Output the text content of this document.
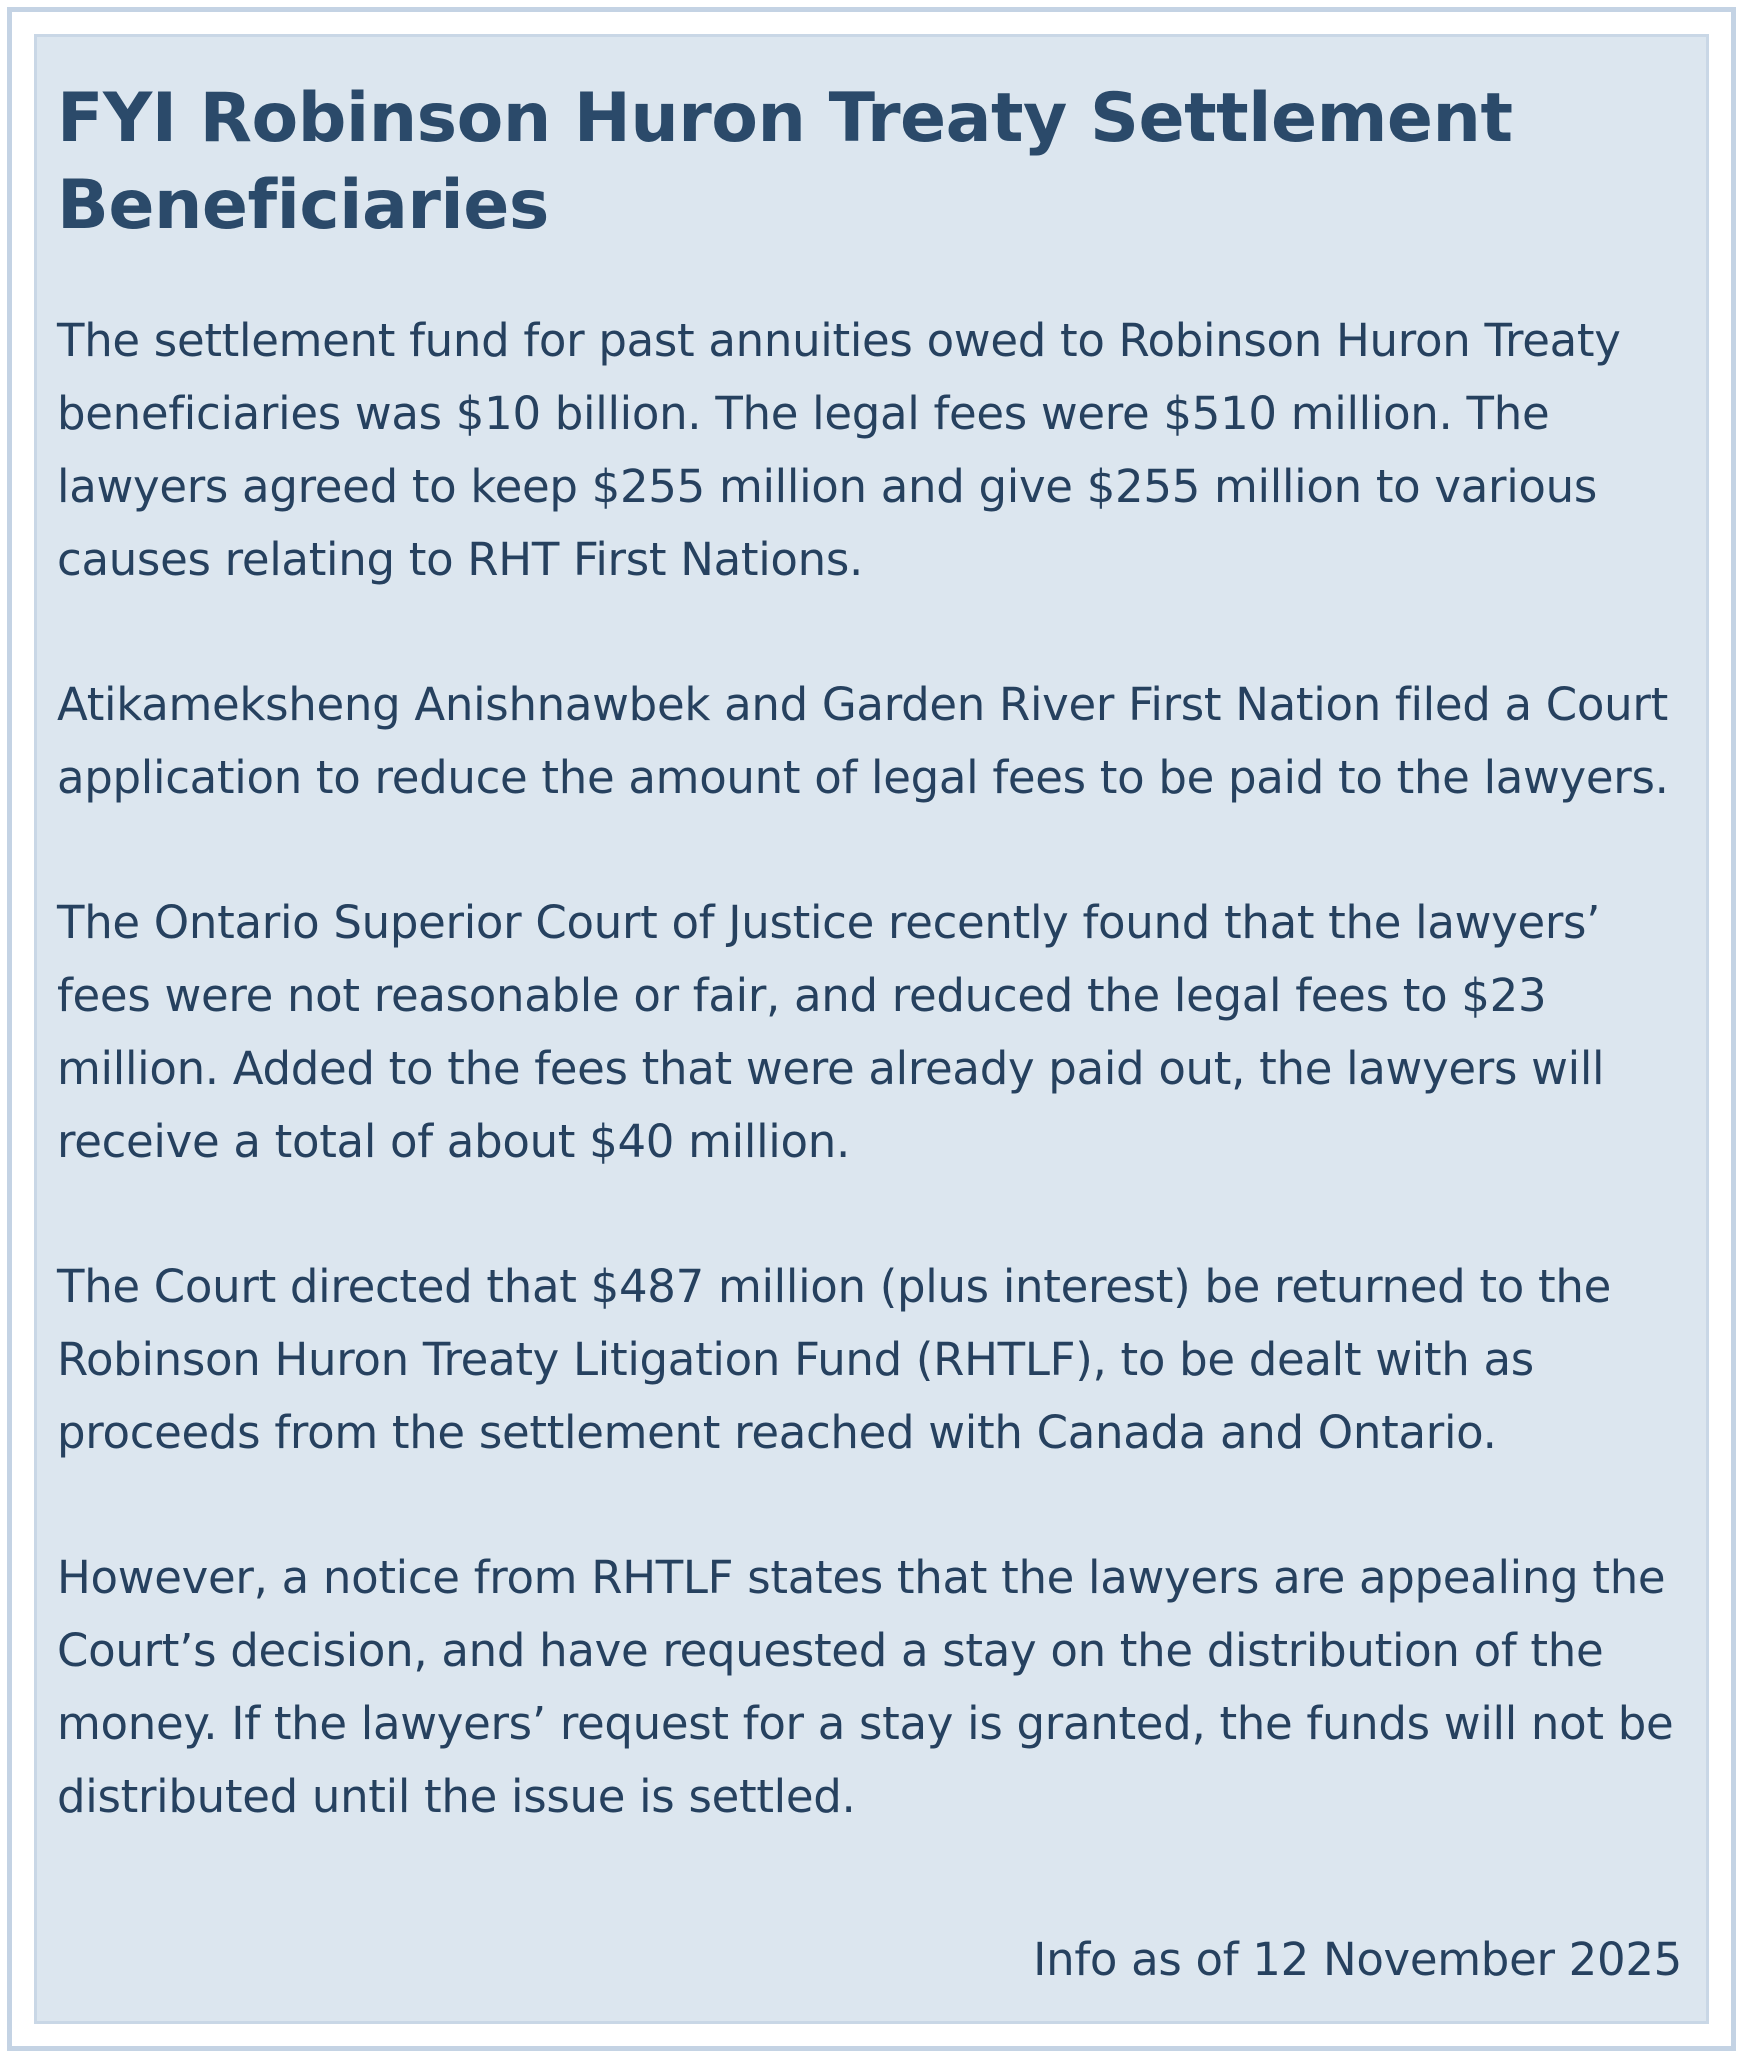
FYI Robinson Huron Treaty Settlement Beneficiaries

The settlement fund for past annuities owed to Robinson Huron Treaty beneficiaries was $10 billion. The legal fees were $510 million. The lawyers agreed to keep $255 million and give $255 million to various causes relating to RHT First Nations.

Atikameksheng Anishnawbek and Garden River First Nation filed a Court application to reduce the amount of legal fees to be paid to the lawyers.

The Ontario Superior Court of Justice recently found that the lawyers’ fees were not reasonable or fair, and reduced the legal fees to $23 million. Added to the fees that were already paid out, the lawyers will receive a total of about $40 million.

The Court directed that $487 million (plus interest) be returned to the Robinson Huron Treaty Litigation Fund (RHTLF), to be dealt with as proceeds from the settlement reached with Canada and Ontario.

However, a notice from RHTLF states that the lawyers are appealing the Court’s decision, and have requested a stay on the distribution of the money. If the lawyers’ request for a stay is granted, the funds will not be distributed until the issue is settled.

Info as of 12 November 2025
